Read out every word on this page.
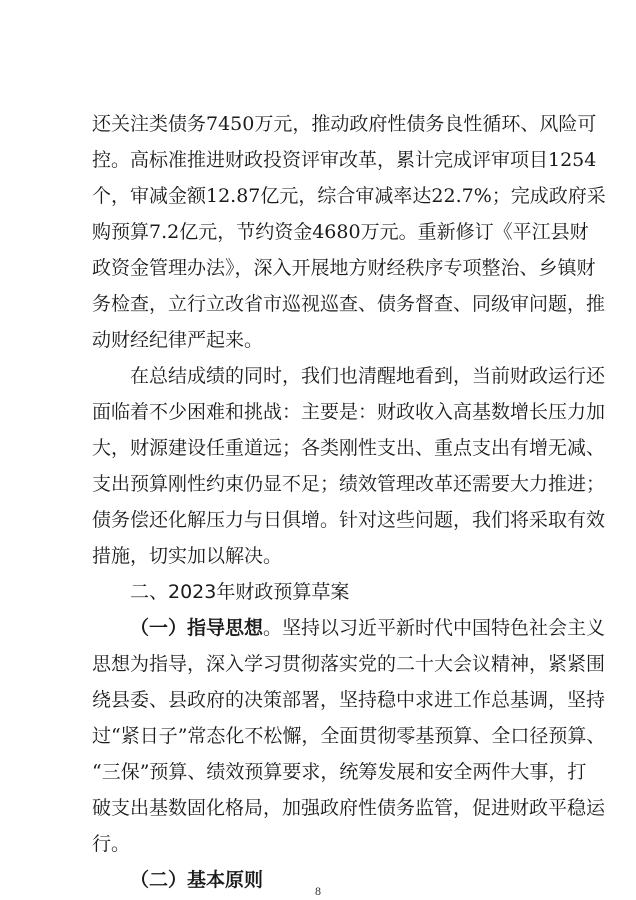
还关注类债务7450万元，推动政府性债务良性循环、风险可
控。高标准推进财政投资评审改革，累计完成评审项目1254
个，审减金额12.87亿元，综合审减率达22.7%；完成政府采
购预算7.2亿元，节约资金4680万元。重新修订《平江县财
政资金管理办法》，深入开展地方财经秩序专项整治、乡镇财
务检查，立行立改省市巡视巡查、债务督查、同级审问题，推
动财经纪律严起来。
在总结成绩的同时，我们也清醒地看到，当前财政运行还
面临着不少困难和挑战：主要是：财政收入高基数增长压力加
大，财源建设任重道远；各类刚性支出、重点支出有增无减、
支出预算刚性约束仍显不足；绩效管理改革还需要大力推进；
债务偿还化解压力与日俱增。针对这些问题，我们将采取有效
措施，切实加以解决。
二、2023年财政预算草案
（一）指导思想。坚持以习近平新时代中国特色社会主义
思想为指导，深入学习贯彻落实党的二十大会议精神，紧紧围
绕县委、县政府的决策部署，坚持稳中求进工作总基调，坚持
过“紧日子”常态化不松懈，全面贯彻零基预算、全口径预算、
“三保”预算、绩效预算要求，统筹发展和安全两件大事，打
破支出基数固化格局，加强政府性债务监管，促进财政平稳运
行。
（二）基本原则	8
